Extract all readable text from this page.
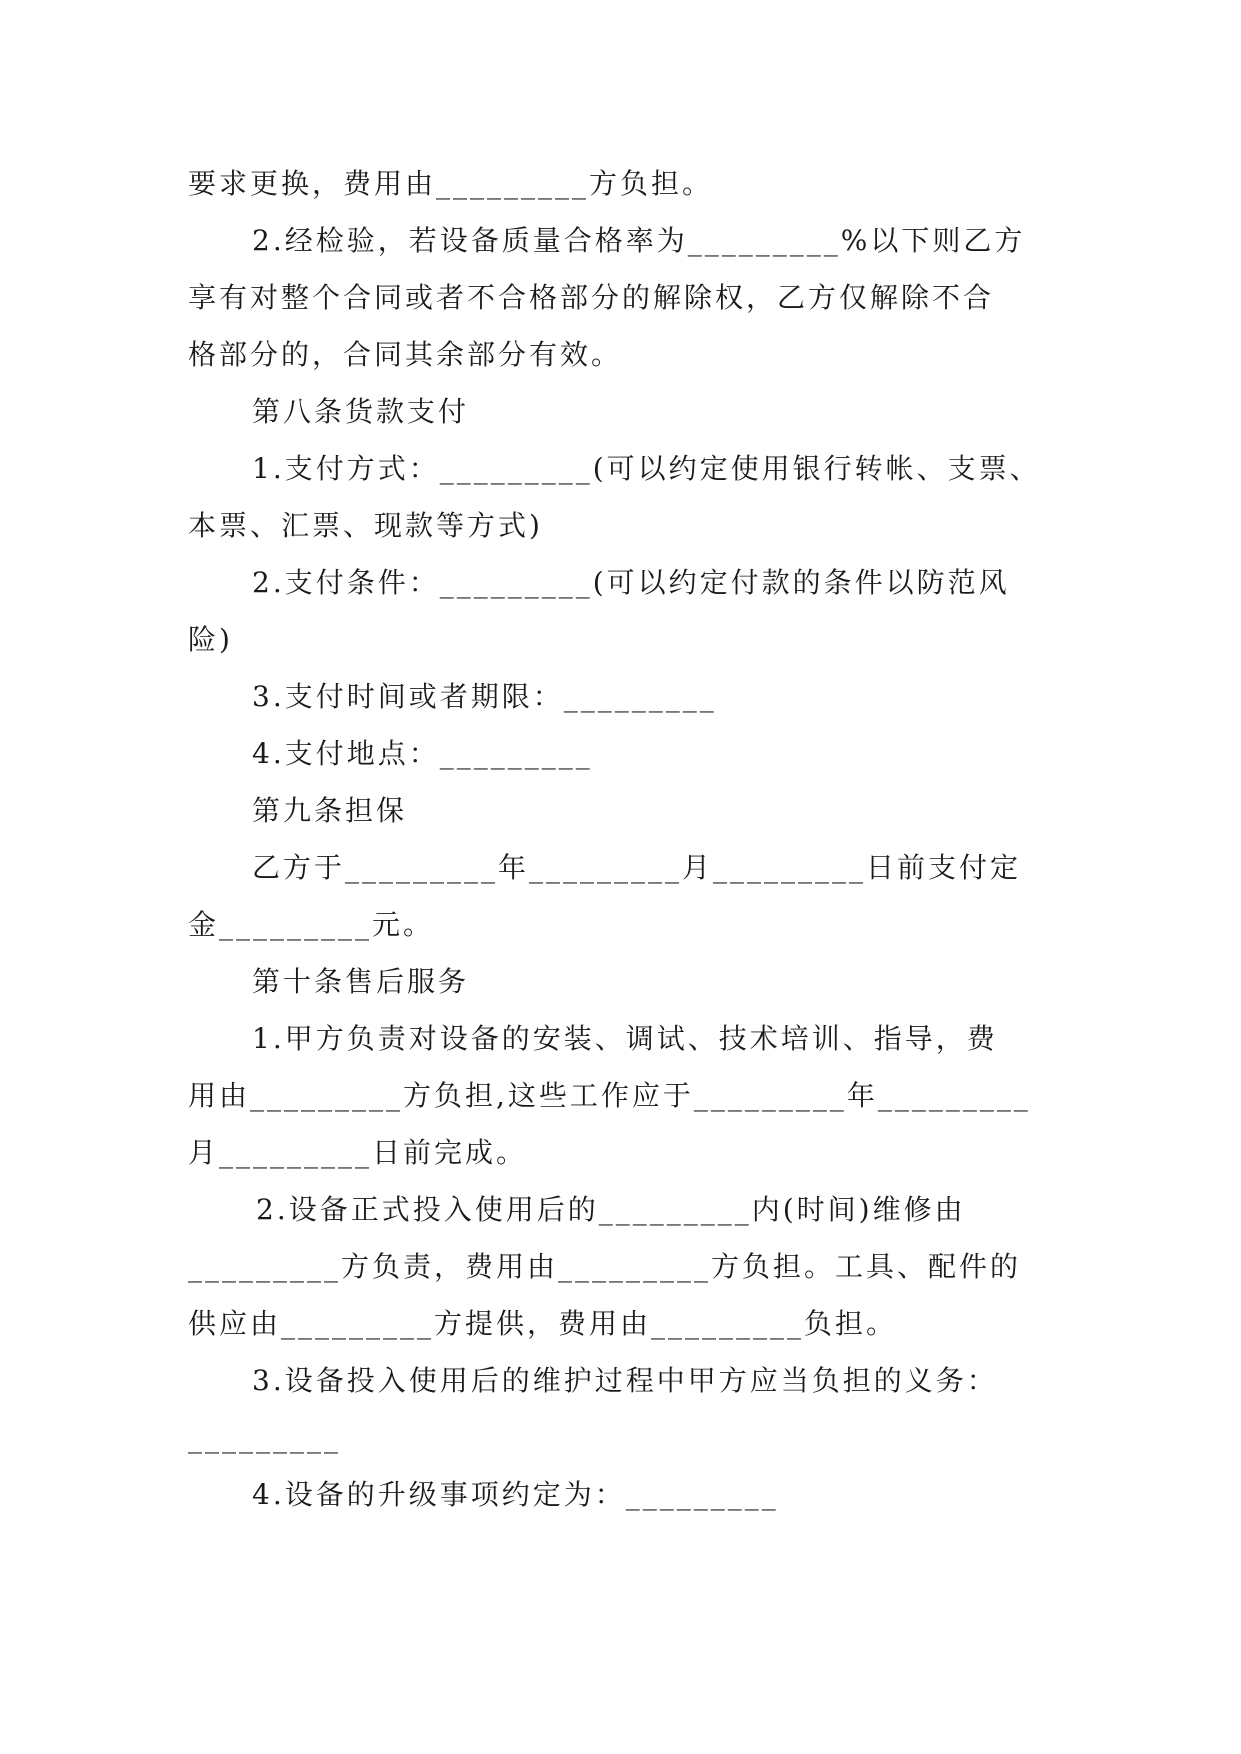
要求更换，费用由_________方负担。
2.经检验，若设备质量合格率为_________%以下则乙方
享有对整个合同或者不合格部分的解除权，乙方仅解除不合
格部分的，合同其余部分有效。
第八条货款支付
1.支付方式：_________(可以约定使用银行转帐、支票、
本票、汇票、现款等方式)
2.支付条件：_________(可以约定付款的条件以防范风
险)
3.支付时间或者期限：_________
4.支付地点：_________
第九条担保
乙方于_________年_________月_________日前支付定
金_________元。
第十条售后服务
1.甲方负责对设备的安装、调试、技术培训、指导，费
用由_________方负担,这些工作应于_________年_________
月_________日前完成。
2.设备正式投入使用后的_________内(时间)维修由
_________方负责，费用由_________方负担。工具、配件的
供应由_________方提供，费用由_________负担。
3.设备投入使用后的维护过程中甲方应当负担的义务：
_________
4.设备的升级事项约定为：_________
